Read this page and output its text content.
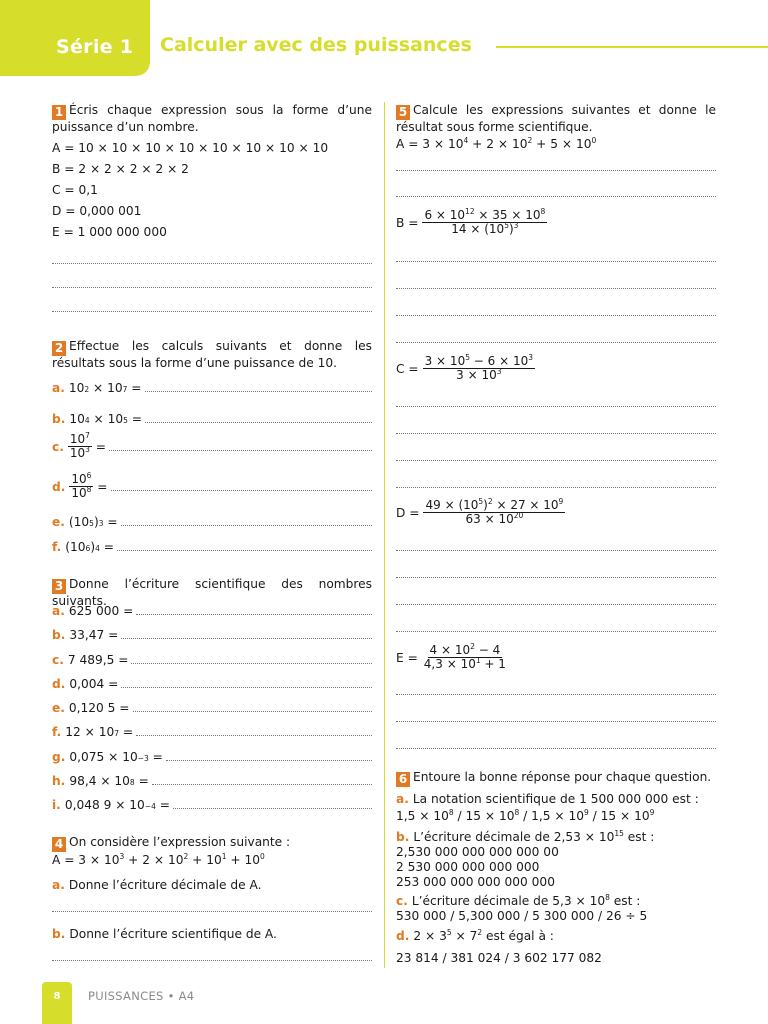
Série 1 Calculer avec des puissances
1 Écris chaque expression sous la forme d’une puissance d’un nombre.
A = 10 × 10 × 10 × 10 × 10 × 10 × 10 × 10
B = 2 × 2 × 2 × 2 × 2
C = 0,1
D = 0,000 001
E = 1 000 000 000
2 Effectue les calculs suivants et donne les résultats sous la forme d’une puissance de 10.
a. 10 2 × 10 7 =
b. 10 4 × 10 5 =
c. $\frac{10^7}{10^3}$ =
d. $\frac{10^6}{10^8}$ =
e. (10 5 ) 3 =
f. (10 6 ) 4 =
3 Donne l’écriture scientifique des nombres suivants.
a. 625 000 =
b. 33,47 =
c. 7 489,5 =
d. 0,004 =
e. 0,120 5 =
f. 12 × 10 7 =
g. 0,075 × 10 −3 =
h. 98,4 × 10 8 =
i. 0,048 9 × 10 −4 =
4 On considère l’expression suivante :
$A = 3 \times 10^3 + 2 \times 10^2 + 10^1 + 10^0$
a. Donne l’écriture décimale de A.
b. Donne l’écriture scientifique de A.
5 Calcule les expressions suivantes et donne le résultat sous forme scientifique.
$A = 3 \times 10^4 + 2 \times 10^2 + 5 \times 10^0$
$B = \frac{6 \times 10^{12} \times 35 \times 10^8}{14 \times (10^5)^3}$
$C = \frac{3 \times 10^5 - 6 \times 10^3}{3 \times 10^3}$
$D = \frac{49 \times (10^5)^2 \times 27 \times 10^9}{63 \times 10^{20}}$
$E = \frac{4 \times 10^2 - 4}{4,3 \times 10^1 + 1}$
6 Entoure la bonne réponse pour chaque question.
a. La notation scientifique de 1 500 000 000 est :
$1,5 \times 10^8 / 15 \times 10^8 / 1,5 \times 10^9 / 15 \times 10^9$
b. L’écriture décimale de $2,53 \times 10^{15}$ est :
2,530 000 000 000 000 00
2 530 000 000 000 000
253 000 000 000 000 000
c. L’écriture décimale de $5,3 \times 10^8$ est :
530 000 / 5,300 000 / 5 300 000 / 26 ÷ 5
d. $2 \times 3^5 \times 7^2$ est égal à :
23 814 / 381 024 / 3 602 177 082
8	PUISSANCES • A4
